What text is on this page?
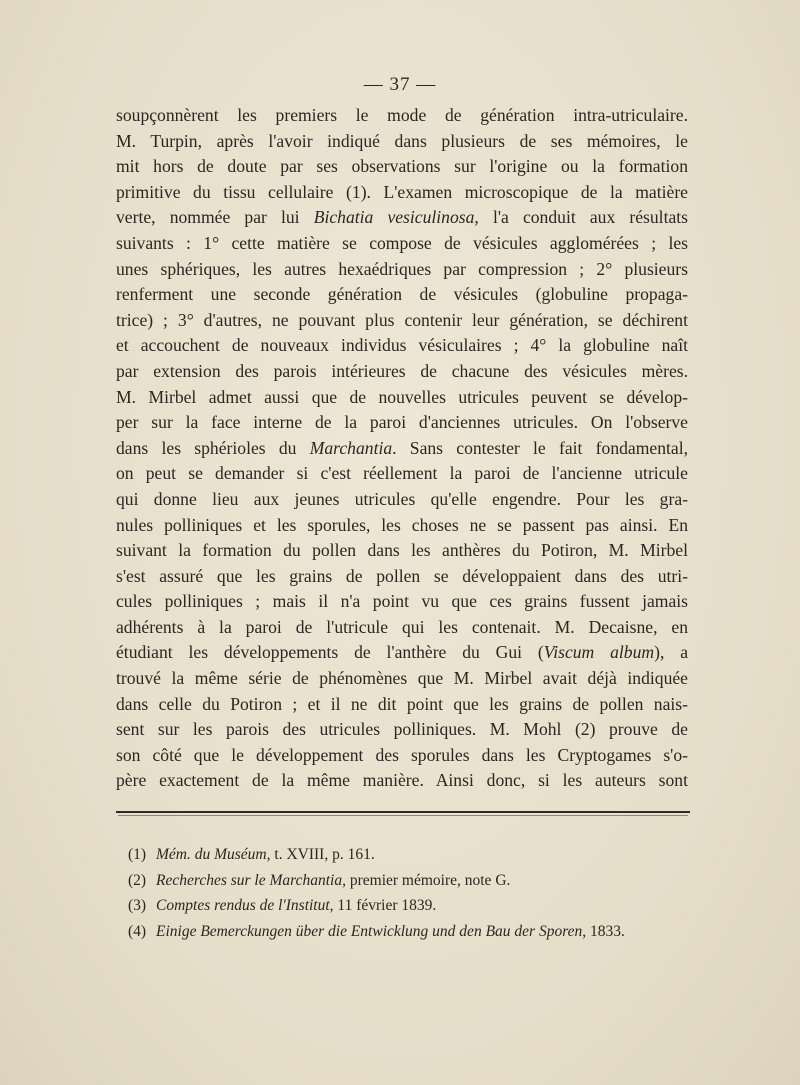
— 37 —
soupçonnèrent les premiers le mode de génération intra-utriculaire.
M. Turpin, après l'avoir indiqué dans plusieurs de ses mémoires, le
mit hors de doute par ses observations sur l'origine ou la formation
primitive du tissu cellulaire (1). L'examen microscopique de la matière
verte, nommée par lui Bichatia vesiculinosa, l'a conduit aux résultats
suivants : 1° cette matière se compose de vésicules agglomérées ; les
unes sphériques, les autres hexaédriques par compression ; 2° plusieurs
renferment une seconde génération de vésicules (globuline propaga-
trice) ; 3° d'autres, ne pouvant plus contenir leur génération, se déchirent
et accouchent de nouveaux individus vésiculaires ; 4° la globuline naît
par extension des parois intérieures de chacune des vésicules mères.
M. Mirbel admet aussi que de nouvelles utricules peuvent se dévelop-
per sur la face interne de la paroi d'anciennes utricules. On l'observe
dans les sphérioles du Marchantia. Sans contester le fait fondamental,
on peut se demander si c'est réellement la paroi de l'ancienne utricule
qui donne lieu aux jeunes utricules qu'elle engendre. Pour les gra-
nules polliniques et les sporules, les choses ne se passent pas ainsi. En
suivant la formation du pollen dans les anthères du Potiron, M. Mirbel
s'est assuré que les grains de pollen se développaient dans des utri-
cules polliniques ; mais il n'a point vu que ces grains fussent jamais
adhérents à la paroi de l'utricule qui les contenait. M. Decaisne, en
étudiant les développements de l'anthère du Gui (Viscum album), a
trouvé la même série de phénomènes que M. Mirbel avait déjà indiquée
dans celle du Potiron ; et il ne dit point que les grains de pollen nais-
sent sur les parois des utricules polliniques. M. Mohl (2) prouve de
son côté que le développement des sporules dans les Cryptogames s'o-
père exactement de la même manière. Ainsi donc, si les auteurs sont
(1) Mém. du Muséum, t. XVIII, p. 161.
(2) Recherches sur le Marchantia, premier mémoire, note G.
(3) Comptes rendus de l'Institut, 11 février 1839.
(4) Einige Bemerckungen über die Entwicklung und den Bau der Sporen, 1833.
